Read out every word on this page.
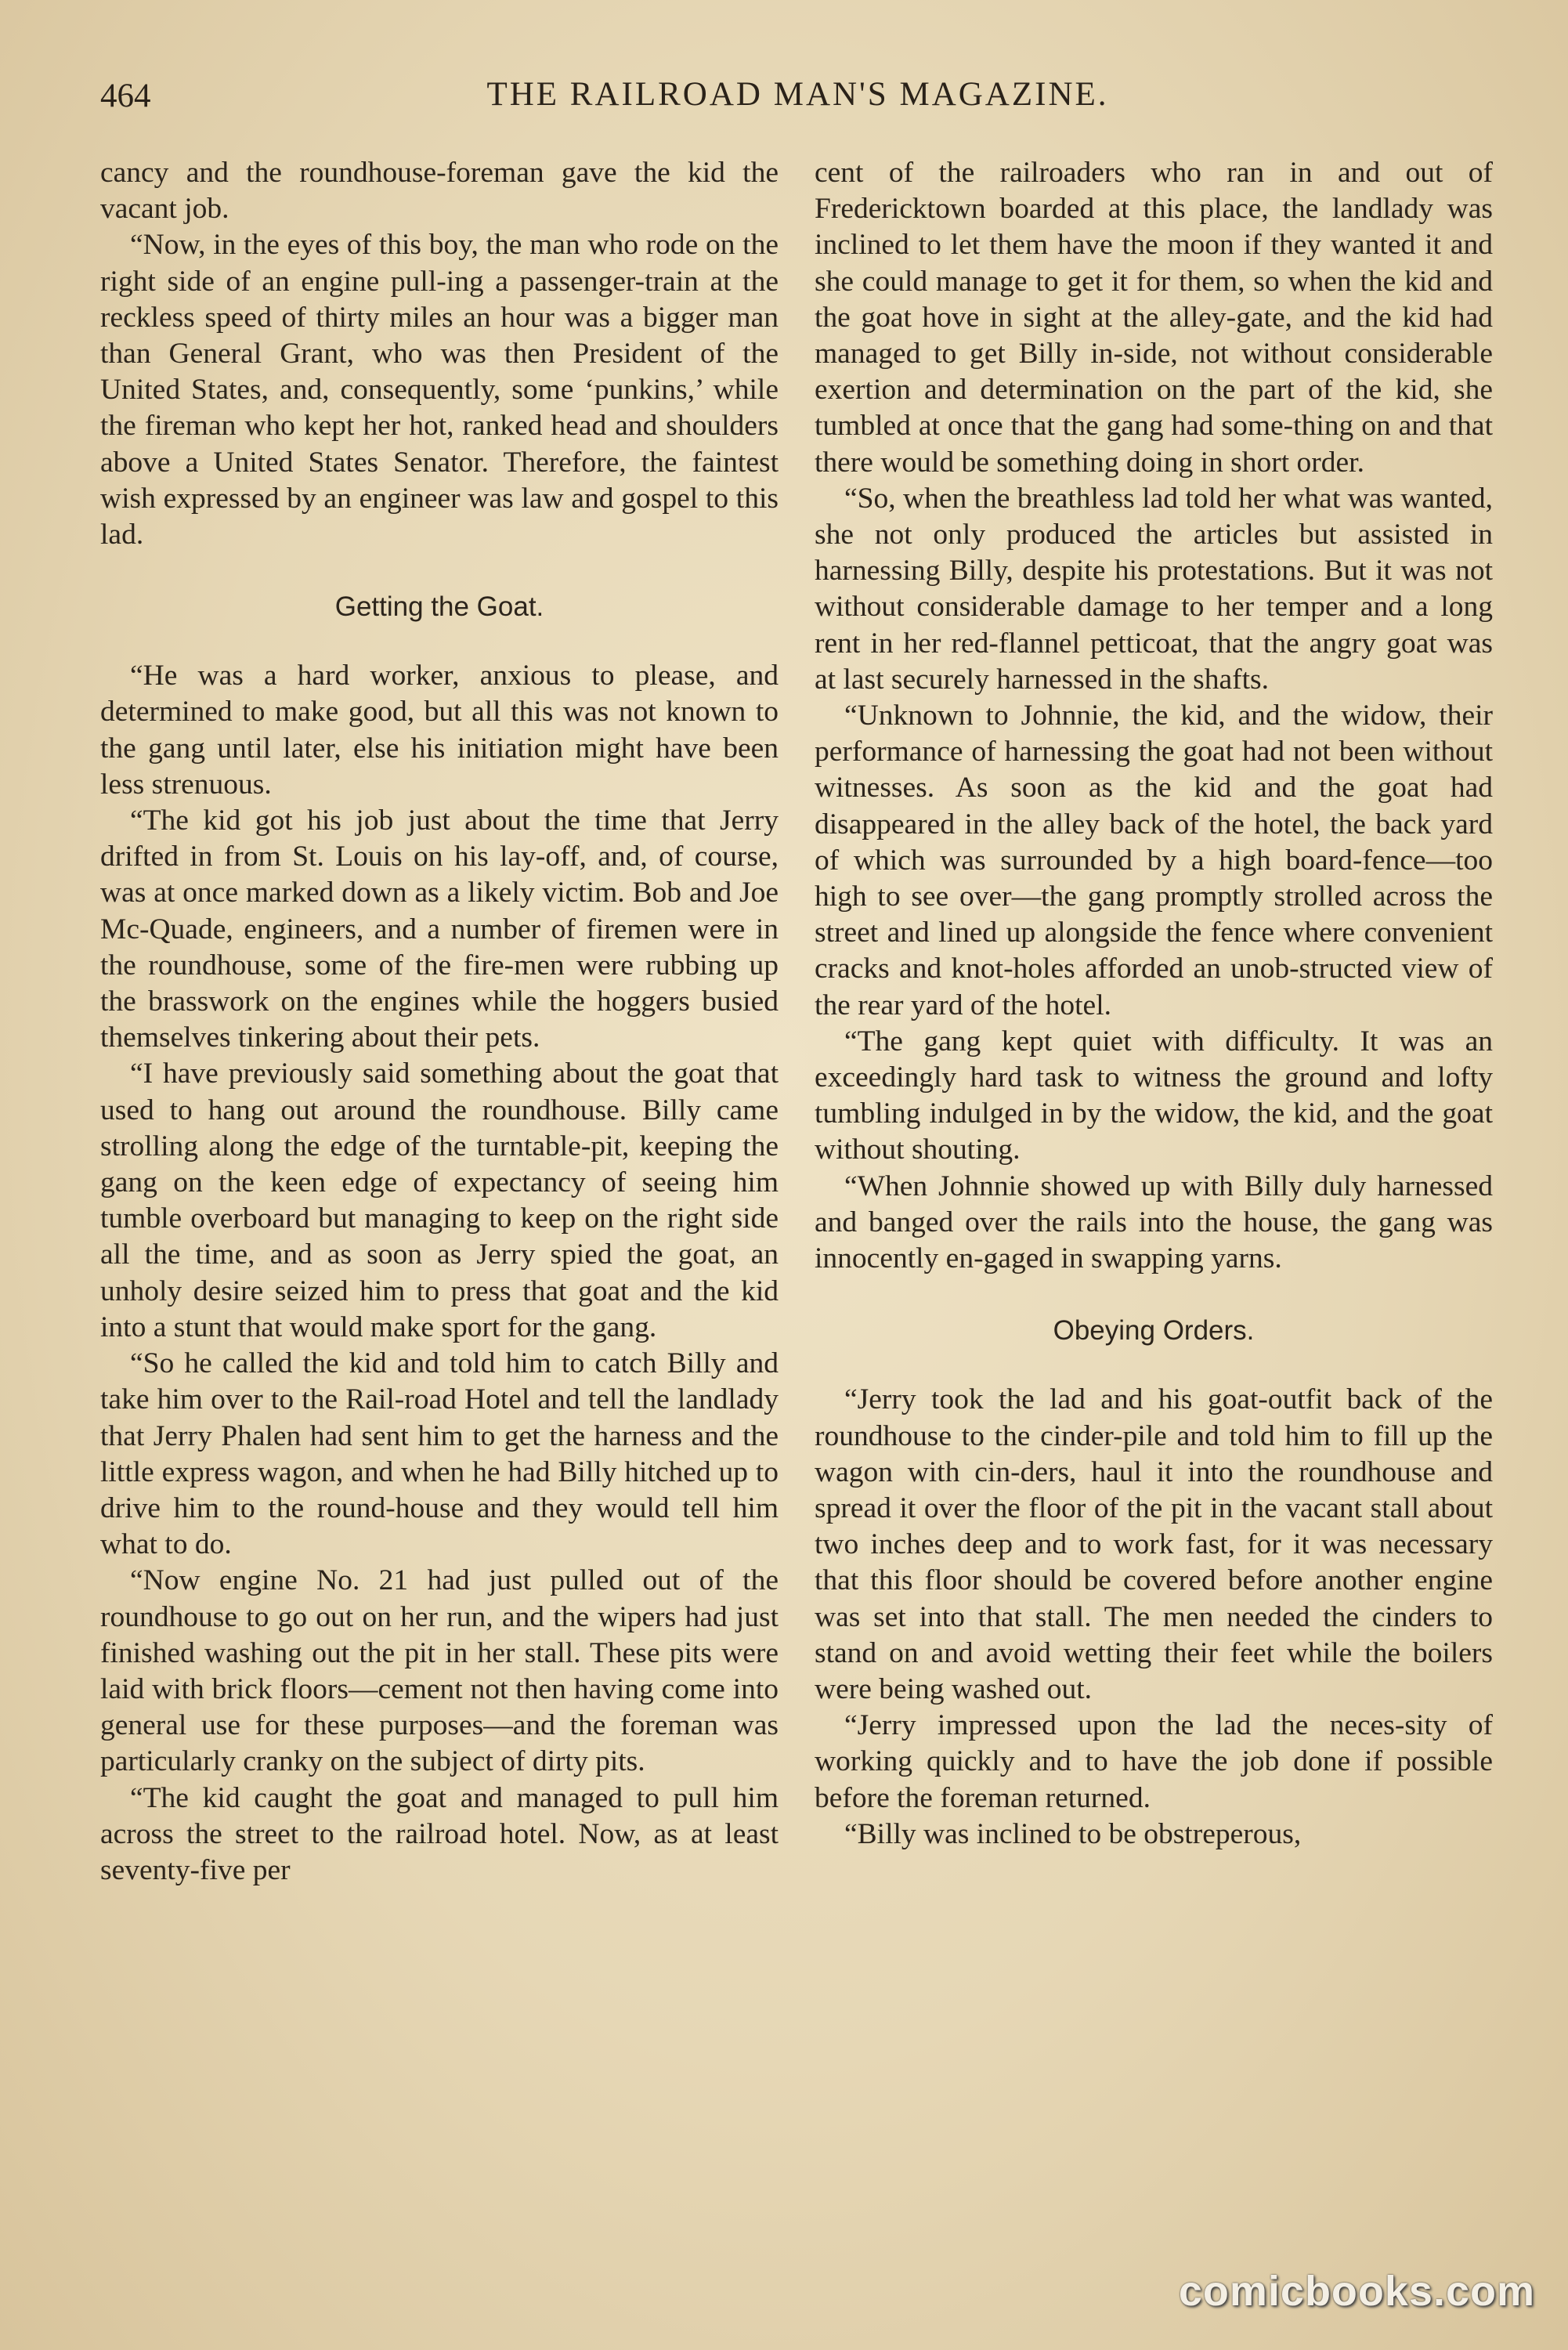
464	THE RAILROAD MAN'S MAGAZINE.

cancy and the roundhouse-foreman gave the kid the vacant job.

“Now, in the eyes of this boy, the man who rode on the right side of an engine pull-ing a passenger-train at the reckless speed of thirty miles an hour was a bigger man than General Grant, who was then President of the United States, and, consequently, some ‘punkins,’ while the fireman who kept her hot, ranked head and shoulders above a United States Senator. Therefore, the faintest wish expressed by an engineer was law and gospel to this lad.

Getting the Goat.

“He was a hard worker, anxious to please, and determined to make good, but all this was not known to the gang until later, else his initiation might have been less strenuous.

“The kid got his job just about the time that Jerry drifted in from St. Louis on his lay-off, and, of course, was at once marked down as a likely victim. Bob and Joe Mc-Quade, engineers, and a number of firemen were in the roundhouse, some of the fire-men were rubbing up the brasswork on the engines while the hoggers busied themselves tinkering about their pets.

“I have previously said something about the goat that used to hang out around the roundhouse. Billy came strolling along the edge of the turntable-pit, keeping the gang on the keen edge of expectancy of seeing him tumble overboard but managing to keep on the right side all the time, and as soon as Jerry spied the goat, an unholy desire seized him to press that goat and the kid into a stunt that would make sport for the gang.

“So he called the kid and told him to catch Billy and take him over to the Rail-road Hotel and tell the landlady that Jerry Phalen had sent him to get the harness and the little express wagon, and when he had Billy hitched up to drive him to the round-house and they would tell him what to do.

“Now engine No. 21 had just pulled out of the roundhouse to go out on her run, and the wipers had just finished washing out the pit in her stall. These pits were laid with brick floors—cement not then having come into general use for these purposes—and the foreman was particularly cranky on the subject of dirty pits.

“The kid caught the goat and managed to pull him across the street to the railroad hotel. Now, as at least seventy-five per

cent of the railroaders who ran in and out of Fredericktown boarded at this place, the landlady was inclined to let them have the moon if they wanted it and she could manage to get it for them, so when the kid and the goat hove in sight at the alley-gate, and the kid had managed to get Billy in-side, not without considerable exertion and determination on the part of the kid, she tumbled at once that the gang had some-thing on and that there would be something doing in short order.

“So, when the breathless lad told her what was wanted, she not only produced the articles but assisted in harnessing Billy, despite his protestations. But it was not without considerable damage to her temper and a long rent in her red-flannel petticoat, that the angry goat was at last securely harnessed in the shafts.

“Unknown to Johnnie, the kid, and the widow, their performance of harnessing the goat had not been without witnesses. As soon as the kid and the goat had disappeared in the alley back of the hotel, the back yard of which was surrounded by a high board-fence—too high to see over—the gang promptly strolled across the street and lined up alongside the fence where convenient cracks and knot-holes afforded an unob-structed view of the rear yard of the hotel.

“The gang kept quiet with difficulty. It was an exceedingly hard task to witness the ground and lofty tumbling indulged in by the widow, the kid, and the goat without shouting.

“When Johnnie showed up with Billy duly harnessed and banged over the rails into the house, the gang was innocently en-gaged in swapping yarns.

Obeying Orders.

“Jerry took the lad and his goat-outfit back of the roundhouse to the cinder-pile and told him to fill up the wagon with cin-ders, haul it into the roundhouse and spread it over the floor of the pit in the vacant stall about two inches deep and to work fast, for it was necessary that this floor should be covered before another engine was set into that stall. The men needed the cinders to stand on and avoid wetting their feet while the boilers were being washed out.

“Jerry impressed upon the lad the neces-sity of working quickly and to have the job done if possible before the foreman returned.

“Billy was inclined to be obstreperous,

comicbooks.com
